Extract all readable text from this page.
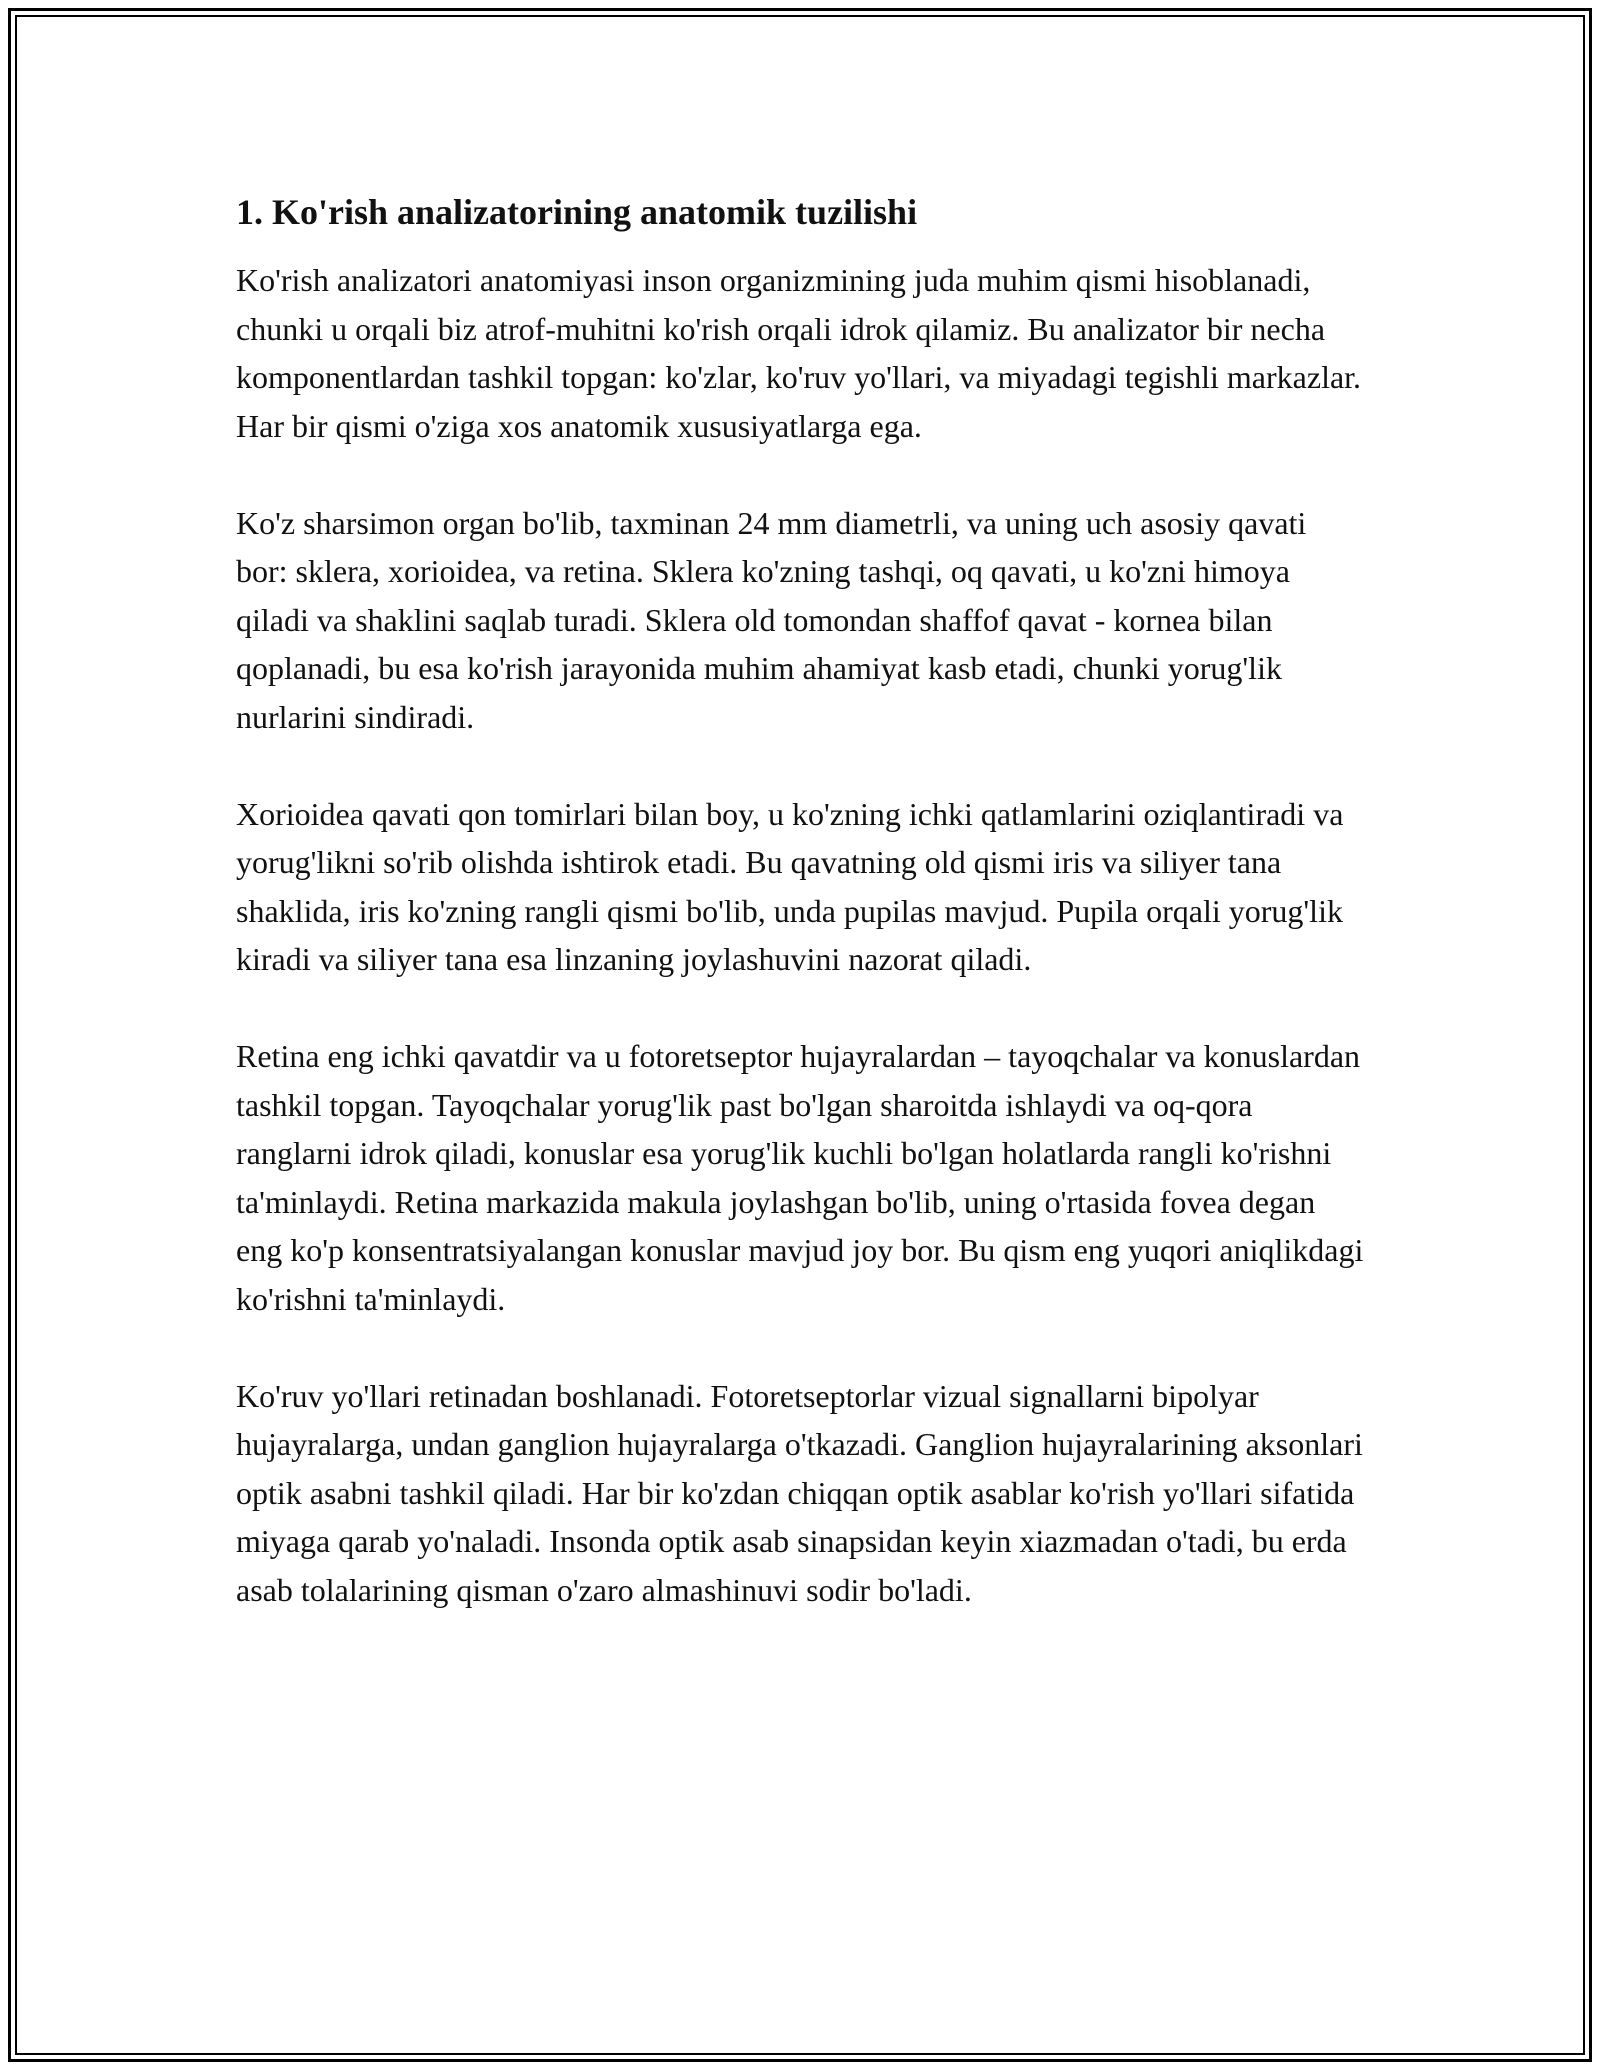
1. Ko'rish analizatorining anatomik tuzilishi

Ko'rish analizatori anatomiyasi inson organizmining juda muhim qismi hisoblanadi, chunki u orqali biz atrof-muhitni ko'rish orqali idrok qilamiz. Bu analizator bir necha komponentlardan tashkil topgan: ko'zlar, ko'ruv yo'llari, va miyadagi tegishli markazlar. Har bir qismi o'ziga xos anatomik xususiyatlarga ega.

Ko'z sharsimon organ bo'lib, taxminan 24 mm diametrli, va uning uch asosiy qavati bor: sklera, xorioidea, va retina. Sklera ko'zning tashqi, oq qavati, u ko'zni himoya qiladi va shaklini saqlab turadi. Sklera old tomondan shaffof qavat - kornea bilan qoplanadi, bu esa ko'rish jarayonida muhim ahamiyat kasb etadi, chunki yorug'lik nurlarini sindiradi.

Xorioidea qavati qon tomirlari bilan boy, u ko'zning ichki qatlamlarini oziqlantiradi va yorug'likni so'rib olishda ishtirok etadi. Bu qavatning old qismi iris va siliyer tana shaklida, iris ko'zning rangli qismi bo'lib, unda pupilas mavjud. Pupila orqali yorug'lik kiradi va siliyer tana esa linzaning joylashuvini nazorat qiladi.

Retina eng ichki qavatdir va u fotoretseptor hujayralardan – tayoqchalar va konuslardan tashkil topgan. Tayoqchalar yorug'lik past bo'lgan sharoitda ishlaydi va oq-qora ranglarni idrok qiladi, konuslar esa yorug'lik kuchli bo'lgan holatlarda rangli ko'rishni ta'minlaydi. Retina markazida makula joylashgan bo'lib, uning o'rtasida fovea degan eng ko'p konsentratsiyalangan konuslar mavjud joy bor. Bu qism eng yuqori aniqlikdagi ko'rishni ta'minlaydi.

Ko'ruv yo'llari retinadan boshlanadi. Fotoretseptorlar vizual signallarni bipolyar hujayralarga, undan ganglion hujayralarga o'tkazadi. Ganglion hujayralarining aksonlari optik asabni tashkil qiladi. Har bir ko'zdan chiqqan optik asablar ko'rish yo'llari sifatida miyaga qarab yo'naladi. Insonda optik asab sinapsidan keyin xiazmadan o'tadi, bu erda asab tolalarining qisman o'zaro almashinuvi sodir bo'ladi.
